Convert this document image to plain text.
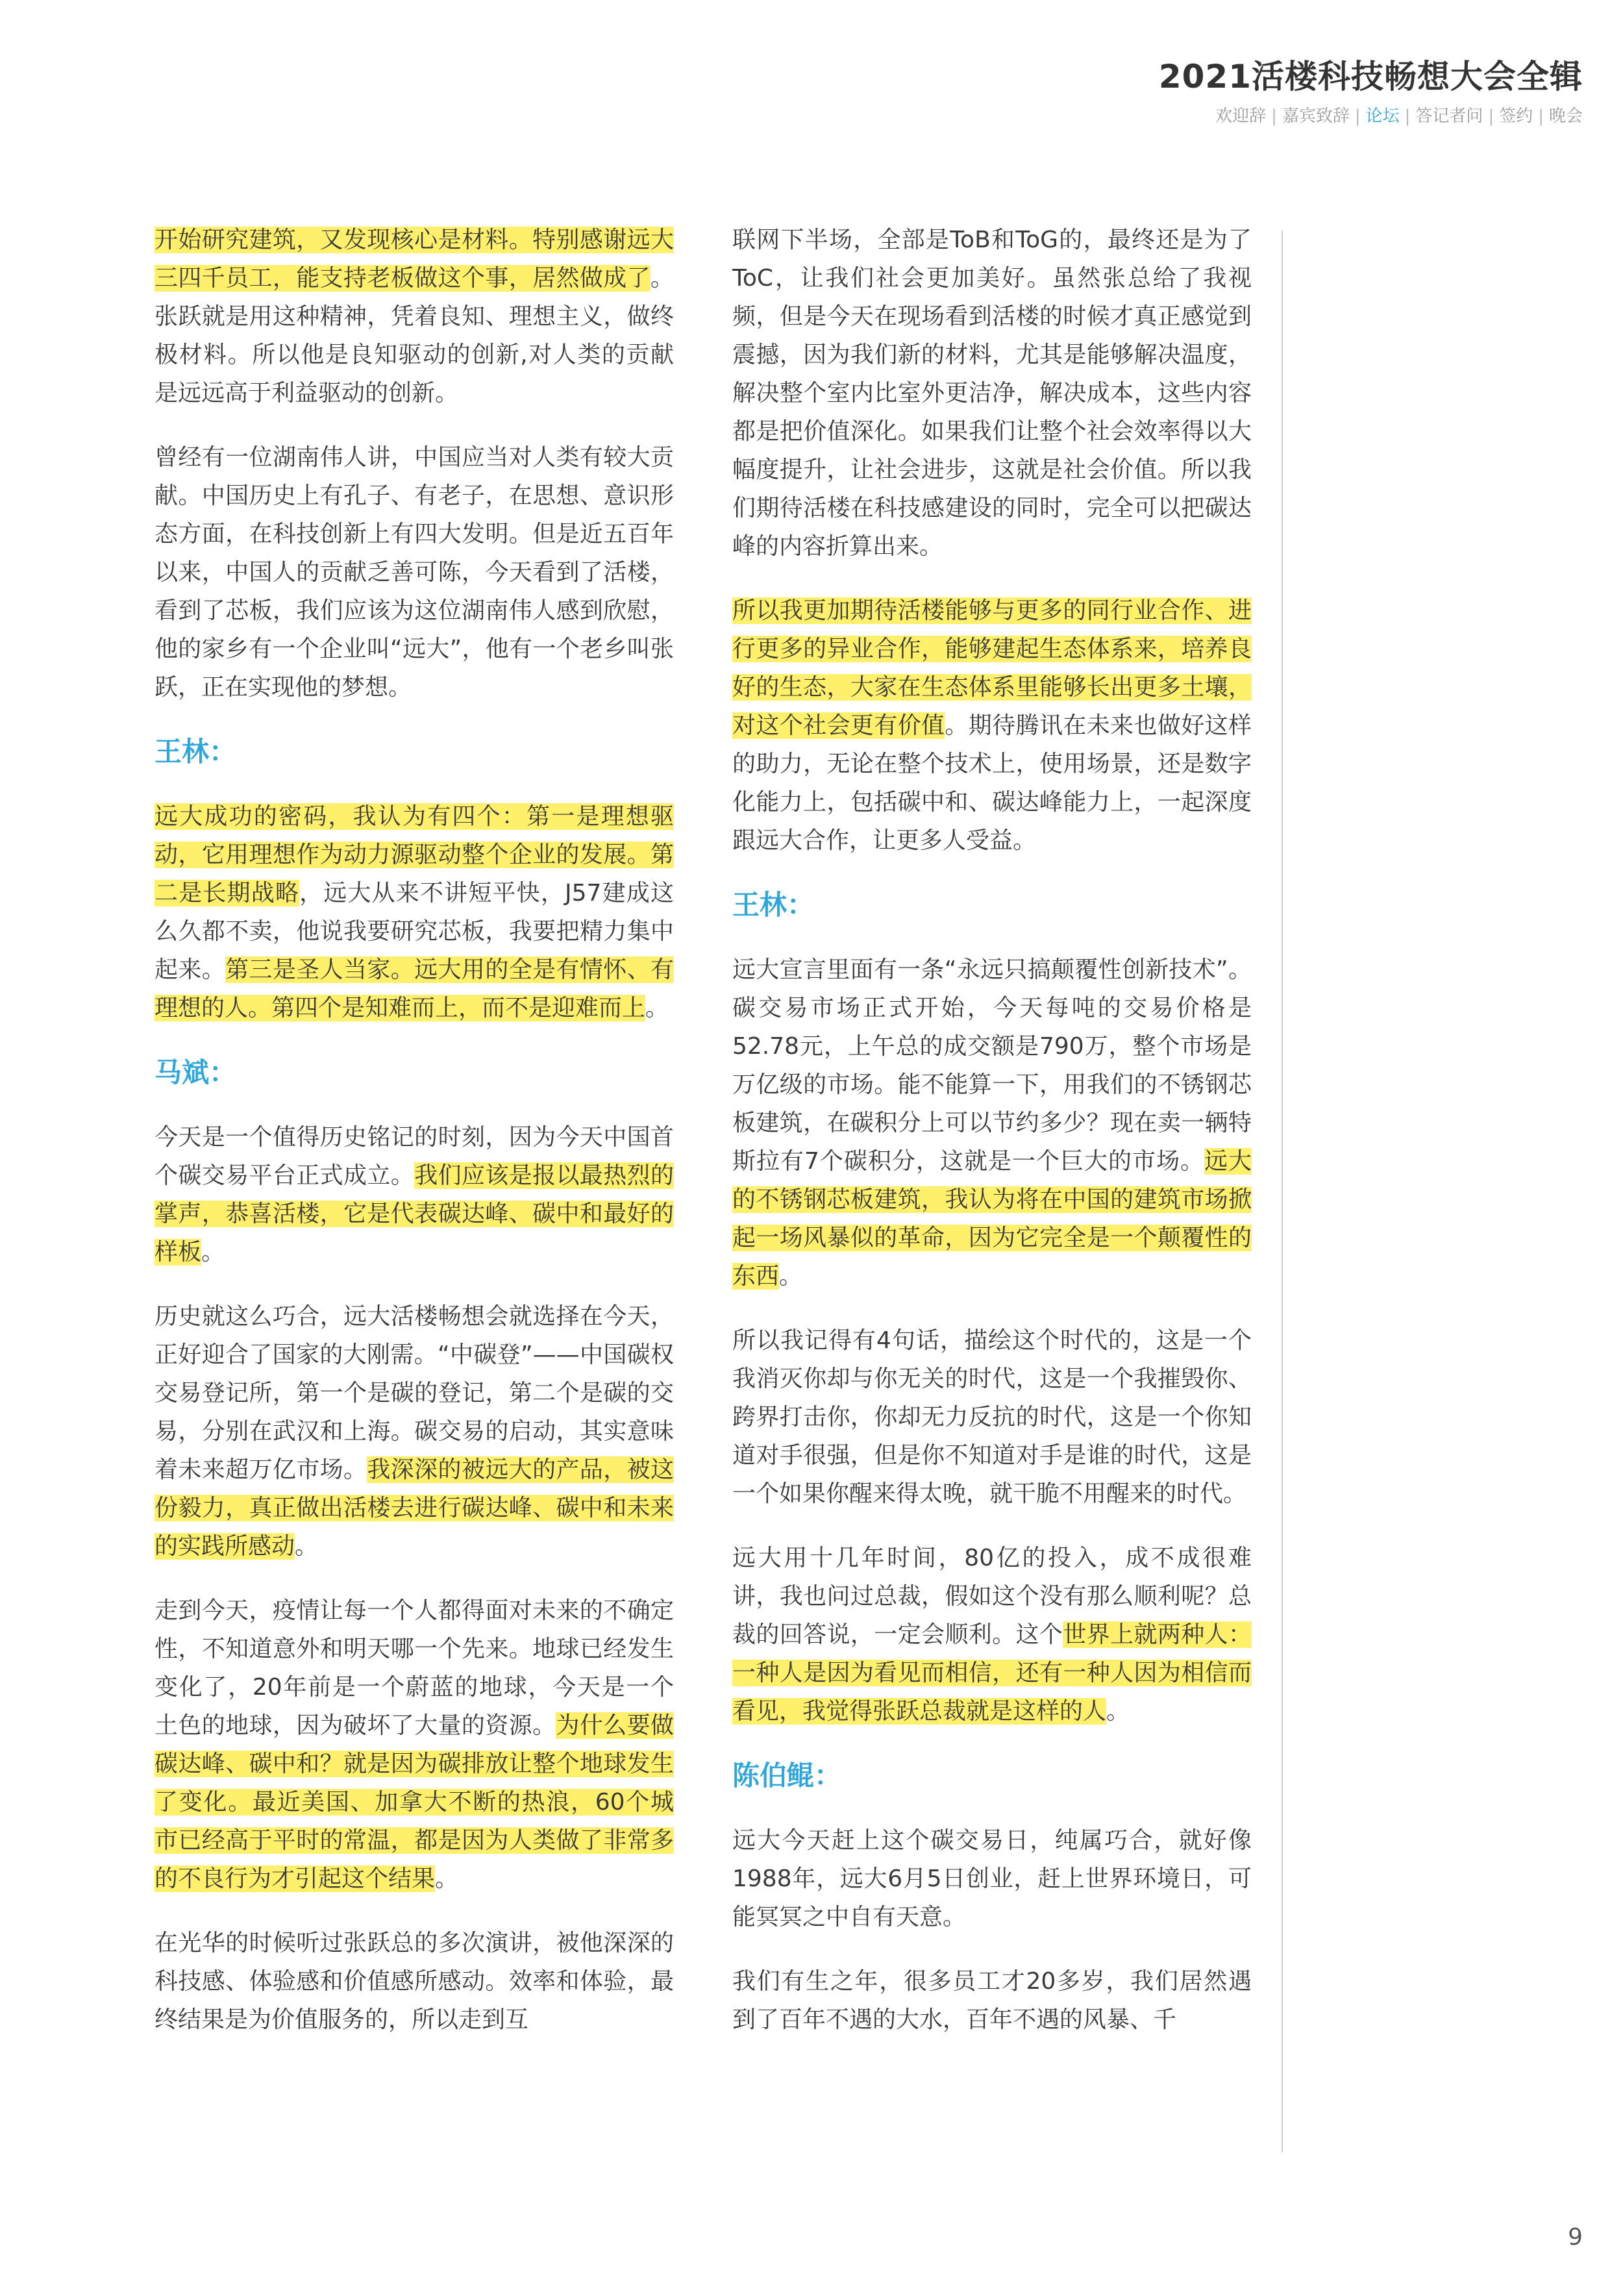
2021活楼科技畅想大会全辑
欢迎辞 | 嘉宾致辞 | 论坛 | 答记者问 | 签约 | 晚会

开始研究建筑，又发现核心是材料。特别感谢远大三四千员工，能支持老板做这个事，居然做成了。张跃就是用这种精神，凭着良知、理想主义，做终极材料。所以他是良知驱动的创新,对人类的贡献是远远高于利益驱动的创新。

曾经有一位湖南伟人讲，中国应当对人类有较大贡献。中国历史上有孔子、有老子，在思想、意识形态方面，在科技创新上有四大发明。但是近五百年以来，中国人的贡献乏善可陈，今天看到了活楼，看到了芯板，我们应该为这位湖南伟人感到欣慰，他的家乡有一个企业叫“远大”，他有一个老乡叫张跃，正在实现他的梦想。

王林：

远大成功的密码，我认为有四个：第一是理想驱动，它用理想作为动力源驱动整个企业的发展。第二是长期战略，远大从来不讲短平快，J57建成这么久都不卖，他说我要研究芯板，我要把精力集中起来。第三是圣人当家。远大用的全是有情怀、有理想的人。第四个是知难而上，而不是迎难而上。

马斌：

今天是一个值得历史铭记的时刻，因为今天中国首个碳交易平台正式成立。我们应该是报以最热烈的掌声，恭喜活楼，它是代表碳达峰、碳中和最好的样板。

历史就这么巧合，远大活楼畅想会就选择在今天，正好迎合了国家的大刚需。“中碳登”——中国碳权交易登记所，第一个是碳的登记，第二个是碳的交易，分别在武汉和上海。碳交易的启动，其实意味着未来超万亿市场。我深深的被远大的产品，被这份毅力，真正做出活楼去进行碳达峰、碳中和未来的实践所感动。

走到今天，疫情让每一个人都得面对未来的不确定性，不知道意外和明天哪一个先来。地球已经发生变化了，20年前是一个蔚蓝的地球，今天是一个土色的地球，因为破坏了大量的资源。为什么要做碳达峰、碳中和？就是因为碳排放让整个地球发生了变化。最近美国、加拿大不断的热浪，60个城市已经高于平时的常温，都是因为人类做了非常多的不良行为才引起这个结果。

在光华的时候听过张跃总的多次演讲，被他深深的科技感、体验感和价值感所感动。效率和体验，最终结果是为价值服务的，所以走到互

联网下半场，全部是ToB和ToG的，最终还是为了ToC，让我们社会更加美好。虽然张总给了我视频，但是今天在现场看到活楼的时候才真正感觉到震撼，因为我们新的材料，尤其是能够解决温度，解决整个室内比室外更洁净，解决成本，这些内容都是把价值深化。如果我们让整个社会效率得以大幅度提升，让社会进步，这就是社会价值。所以我们期待活楼在科技感建设的同时，完全可以把碳达峰的内容折算出来。

所以我更加期待活楼能够与更多的同行业合作、进行更多的异业合作，能够建起生态体系来，培养良好的生态，大家在生态体系里能够长出更多土壤，对这个社会更有价值。期待腾讯在未来也做好这样的助力，无论在整个技术上，使用场景，还是数字化能力上，包括碳中和、碳达峰能力上，一起深度跟远大合作，让更多人受益。

王林：

远大宣言里面有一条“永远只搞颠覆性创新技术”。碳交易市场正式开始，今天每吨的交易价格是52.78元，上午总的成交额是790万，整个市场是万亿级的市场。能不能算一下，用我们的不锈钢芯板建筑，在碳积分上可以节约多少？现在卖一辆特斯拉有7个碳积分，这就是一个巨大的市场。远大的不锈钢芯板建筑，我认为将在中国的建筑市场掀起一场风暴似的革命，因为它完全是一个颠覆性的东西。

所以我记得有4句话，描绘这个时代的，这是一个我消灭你却与你无关的时代，这是一个我摧毁你、跨界打击你，你却无力反抗的时代，这是一个你知道对手很强，但是你不知道对手是谁的时代，这是一个如果你醒来得太晚，就干脆不用醒来的时代。

远大用十几年时间，80亿的投入，成不成很难讲，我也问过总裁，假如这个没有那么顺利呢？总裁的回答说，一定会顺利。这个世界上就两种人：一种人是因为看见而相信，还有一种人因为相信而看见，我觉得张跃总裁就是这样的人。

陈伯鲲：

远大今天赶上这个碳交易日，纯属巧合，就好像1988年，远大6月5日创业，赶上世界环境日，可能冥冥之中自有天意。

我们有生之年，很多员工才20多岁，我们居然遇到了百年不遇的大水，百年不遇的风暴、千

9
